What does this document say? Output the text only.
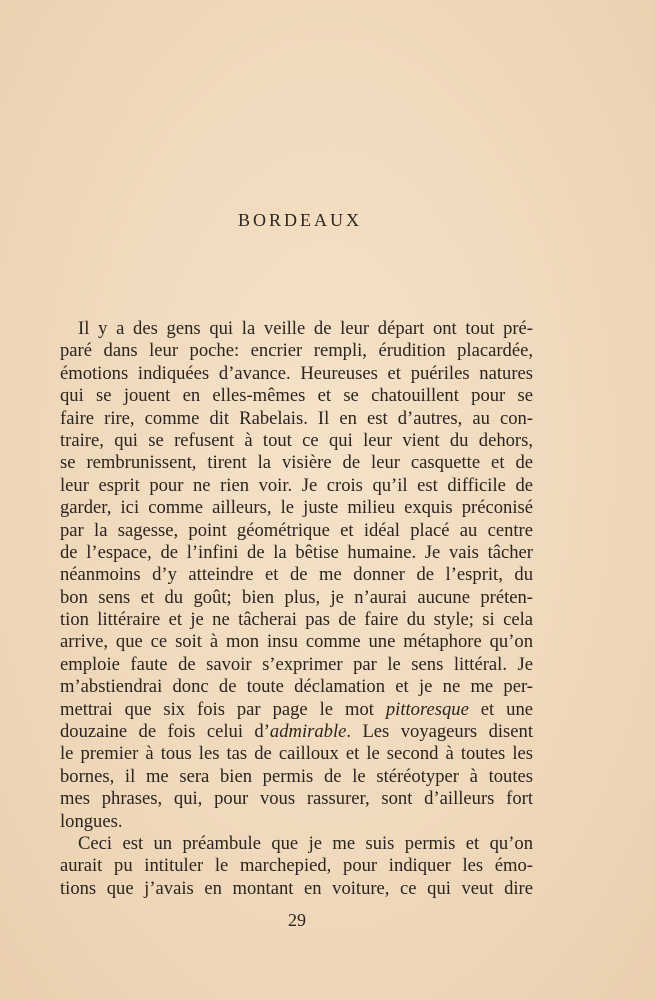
BORDEAUX
Il y a des gens qui la veille de leur départ ont tout pré-
paré dans leur poche: encrier rempli, érudition placardée,
émotions indiquées d’avance. Heureuses et puériles natures
qui se jouent en elles-mêmes et se chatouillent pour se
faire rire, comme dit Rabelais. Il en est d’autres, au con-
traire, qui se refusent à tout ce qui leur vient du dehors,
se rembrunissent, tirent la visière de leur casquette et de
leur esprit pour ne rien voir. Je crois qu’il est difficile de
garder, ici comme ailleurs, le juste milieu exquis préconisé
par la sagesse, point géométrique et idéal placé au centre
de l’espace, de l’infini de la bêtise humaine. Je vais tâcher
néanmoins d’y atteindre et de me donner de l’esprit, du
bon sens et du goût; bien plus, je n’aurai aucune préten-
tion littéraire et je ne tâcherai pas de faire du style; si cela
arrive, que ce soit à mon insu comme une métaphore qu’on
emploie faute de savoir s’exprimer par le sens littéral. Je
m’abstiendrai donc de toute déclamation et je ne me per-
mettrai que six fois par page le mot pittoresque et une
douzaine de fois celui d’admirable. Les voyageurs disent
le premier à tous les tas de cailloux et le second à toutes les
bornes, il me sera bien permis de le stéréotyper à toutes
mes phrases, qui, pour vous rassurer, sont d’ailleurs fort
longues.
Ceci est un préambule que je me suis permis et qu’on
aurait pu intituler le marchepied, pour indiquer les émo-
tions que j’avais en montant en voiture, ce qui veut dire
29
